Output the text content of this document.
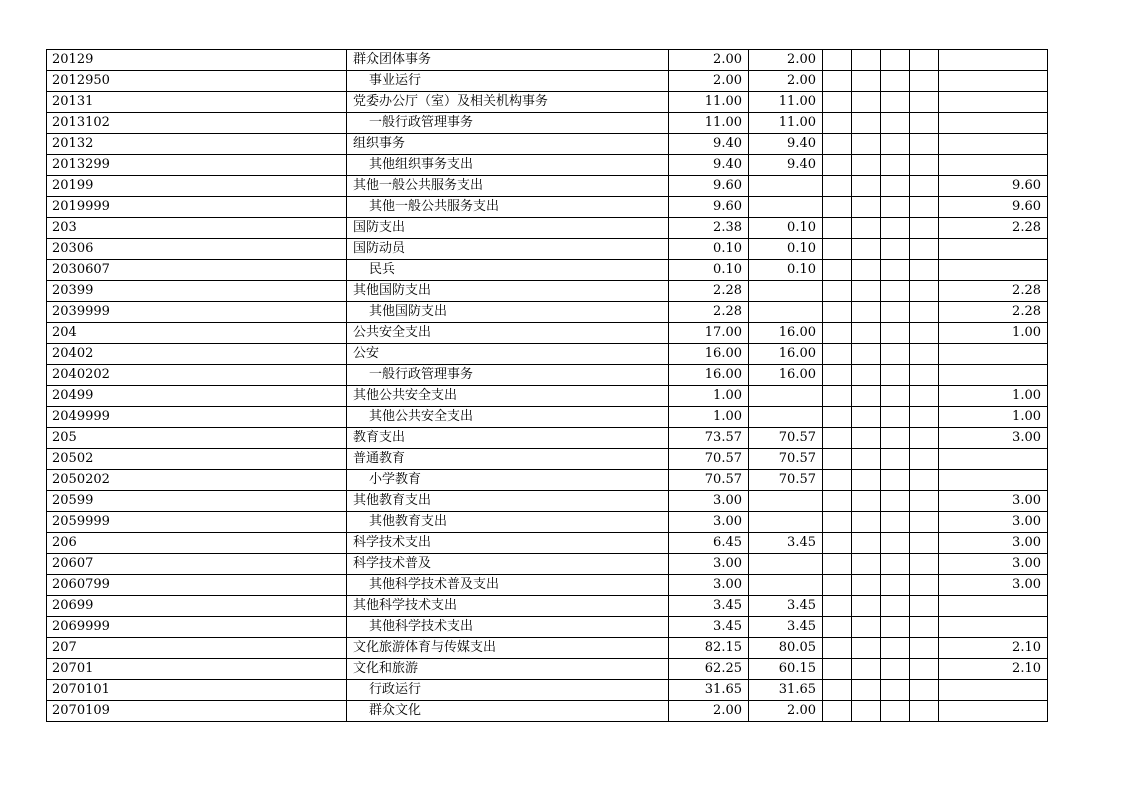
20129	群众团体事务	2.00	2.00					
2012950	事业运行	2.00	2.00					
20131	党委办公厅（室）及相关机构事务	11.00	11.00					
2013102	一般行政管理事务	11.00	11.00					
20132	组织事务	9.40	9.40					
2013299	其他组织事务支出	9.40	9.40					
20199	其他一般公共服务支出	9.60						9.60
2019999	其他一般公共服务支出	9.60						9.60
203	国防支出	2.38	0.10					2.28
20306	国防动员	0.10	0.10					
2030607	民兵	0.10	0.10					
20399	其他国防支出	2.28						2.28
2039999	其他国防支出	2.28						2.28
204	公共安全支出	17.00	16.00					1.00
20402	公安	16.00	16.00					
2040202	一般行政管理事务	16.00	16.00					
20499	其他公共安全支出	1.00						1.00
2049999	其他公共安全支出	1.00						1.00
205	教育支出	73.57	70.57					3.00
20502	普通教育	70.57	70.57					
2050202	小学教育	70.57	70.57					
20599	其他教育支出	3.00						3.00
2059999	其他教育支出	3.00						3.00
206	科学技术支出	6.45	3.45					3.00
20607	科学技术普及	3.00						3.00
2060799	其他科学技术普及支出	3.00						3.00
20699	其他科学技术支出	3.45	3.45					
2069999	其他科学技术支出	3.45	3.45					
207	文化旅游体育与传媒支出	82.15	80.05					2.10
20701	文化和旅游	62.25	60.15					2.10
2070101	行政运行	31.65	31.65					
2070109	群众文化	2.00	2.00					
